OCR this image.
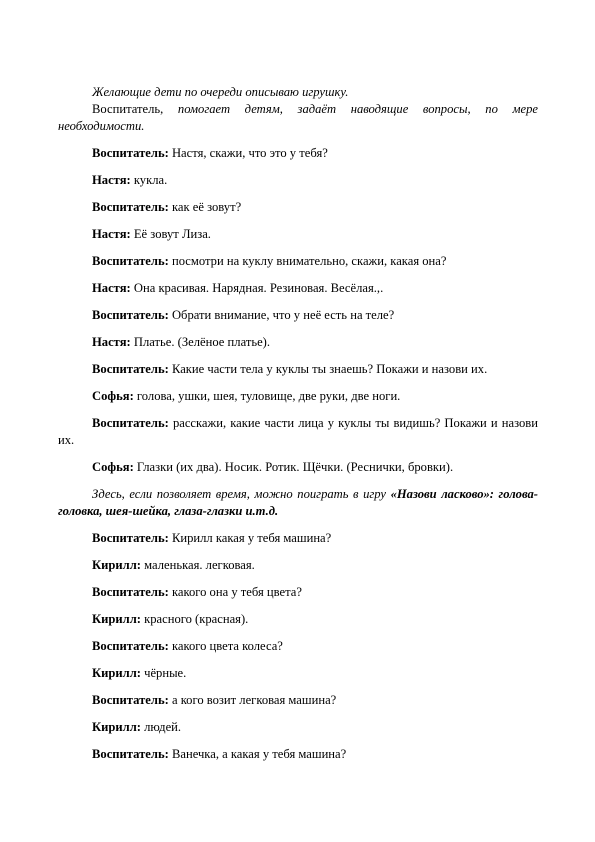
Желающие дети по очереди описываю игрушку.

Воспитатель, помогает детям, задаёт наводящие вопросы, по мере необходимости.

Воспитатель: Настя, скажи, что это у тебя?

Настя: кукла.

Воспитатель: как её зовут?

Настя: Её зовут Лиза.

Воспитатель: посмотри на куклу внимательно, скажи, какая она?

Настя: Она красивая. Нарядная. Резиновая. Весёлая.,.

Воспитатель: Обрати внимание, что у неё есть на теле?

Настя: Платье. (Зелёное платье).

Воспитатель: Какие части тела у куклы ты знаешь? Покажи и назови их.

Софья: голова, ушки, шея, туловище, две руки, две ноги.

Воспитатель: расскажи, какие части лица у куклы ты видишь? Покажи и назови их.

Софья: Глазки (их два). Носик. Ротик. Щёчки. (Реснички, бровки).

Здесь, если позволяет время, можно поиграть в игру «Назови ласково»: голова-головка, шея-шейка, глаза-глазки и.т.д.

Воспитатель: Кирилл какая у тебя машина?

Кирилл: маленькая. легковая.

Воспитатель: какого она у тебя цвета?

Кирилл: красного (красная).

Воспитатель: какого цвета колеса?

Кирилл: чёрные.

Воспитатель: а кого возит легковая машина?

Кирилл: людей.

Воспитатель: Ванечка, а какая у тебя машина?
